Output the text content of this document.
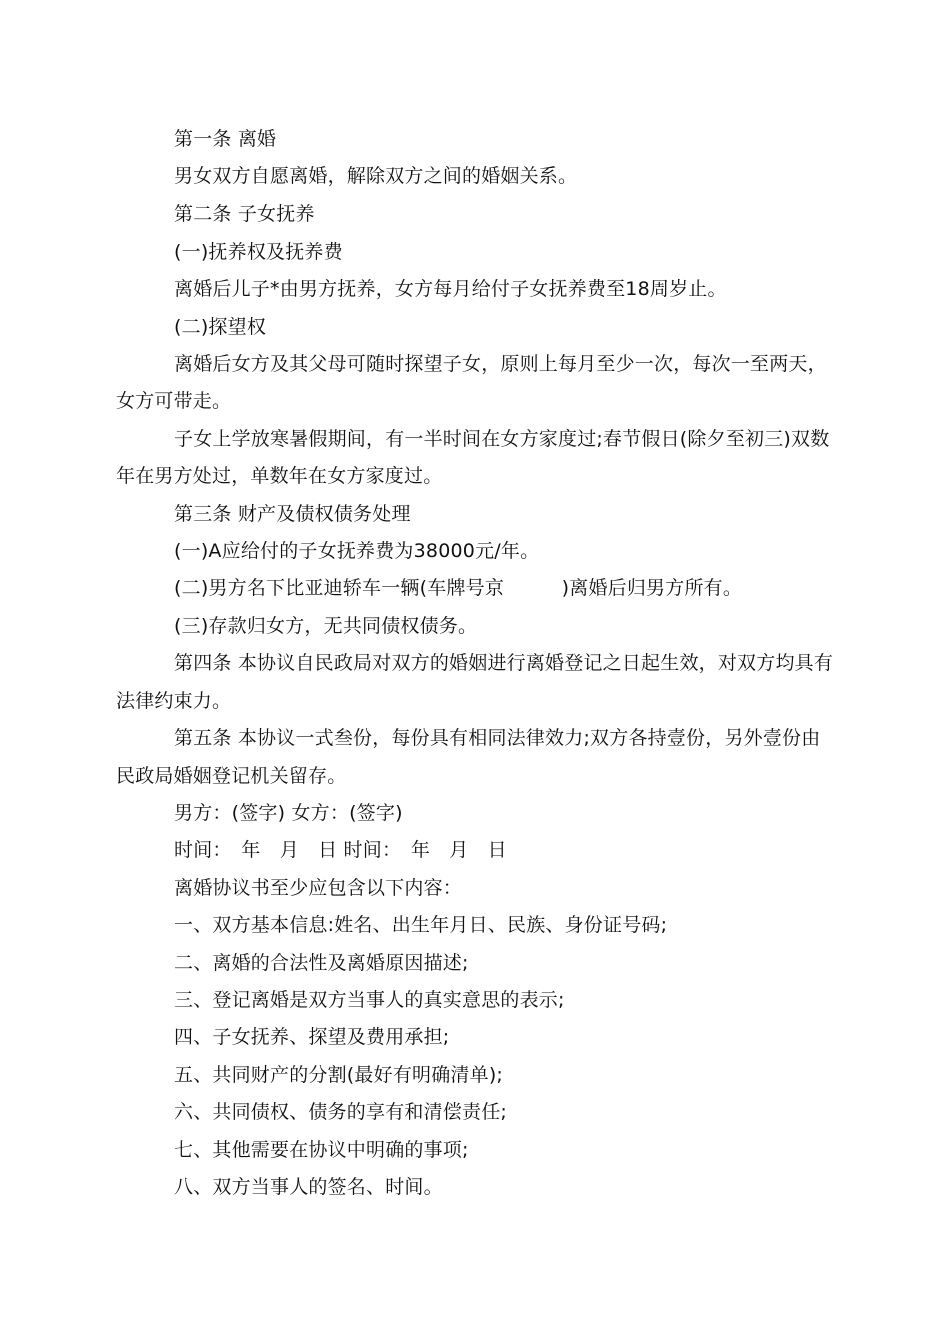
第一条 离婚
男女双方自愿离婚，解除双方之间的婚姻关系。
第二条 子女抚养
(一)抚养权及抚养费
离婚后儿子*由男方抚养，女方每月给付子女抚养费至18周岁止。
(二)探望权
离婚后女方及其父母可随时探望子女，原则上每月至少一次，每次一至两天，
女方可带走。
子女上学放寒暑假期间，有一半时间在女方家度过;春节假日(除夕至初三)双数
年在男方处过，单数年在女方家度过。
第三条 财产及债权债务处理
(一)A应给付的子女抚养费为38000元/年。
(二)男方名下比亚迪轿车一辆(车牌号京　　　)离婚后归男方所有。
(三)存款归女方，无共同债权债务。
第四条 本协议自民政局对双方的婚姻进行离婚登记之日起生效，对双方均具有
法律约束力。
第五条 本协议一式叁份，每份具有相同法律效力;双方各持壹份，另外壹份由
民政局婚姻登记机关留存。
男方：(签字) 女方：(签字)
时间：　年　月　日 时间：　年　月　日
离婚协议书至少应包含以下内容：
一、双方基本信息:姓名、出生年月日、民族、身份证号码;
二、离婚的合法性及离婚原因描述;
三、登记离婚是双方当事人的真实意思的表示;
四、子女抚养、探望及费用承担;
五、共同财产的分割(最好有明确清单);
六、共同债权、债务的享有和清偿责任;
七、其他需要在协议中明确的事项;
八、双方当事人的签名、时间。
